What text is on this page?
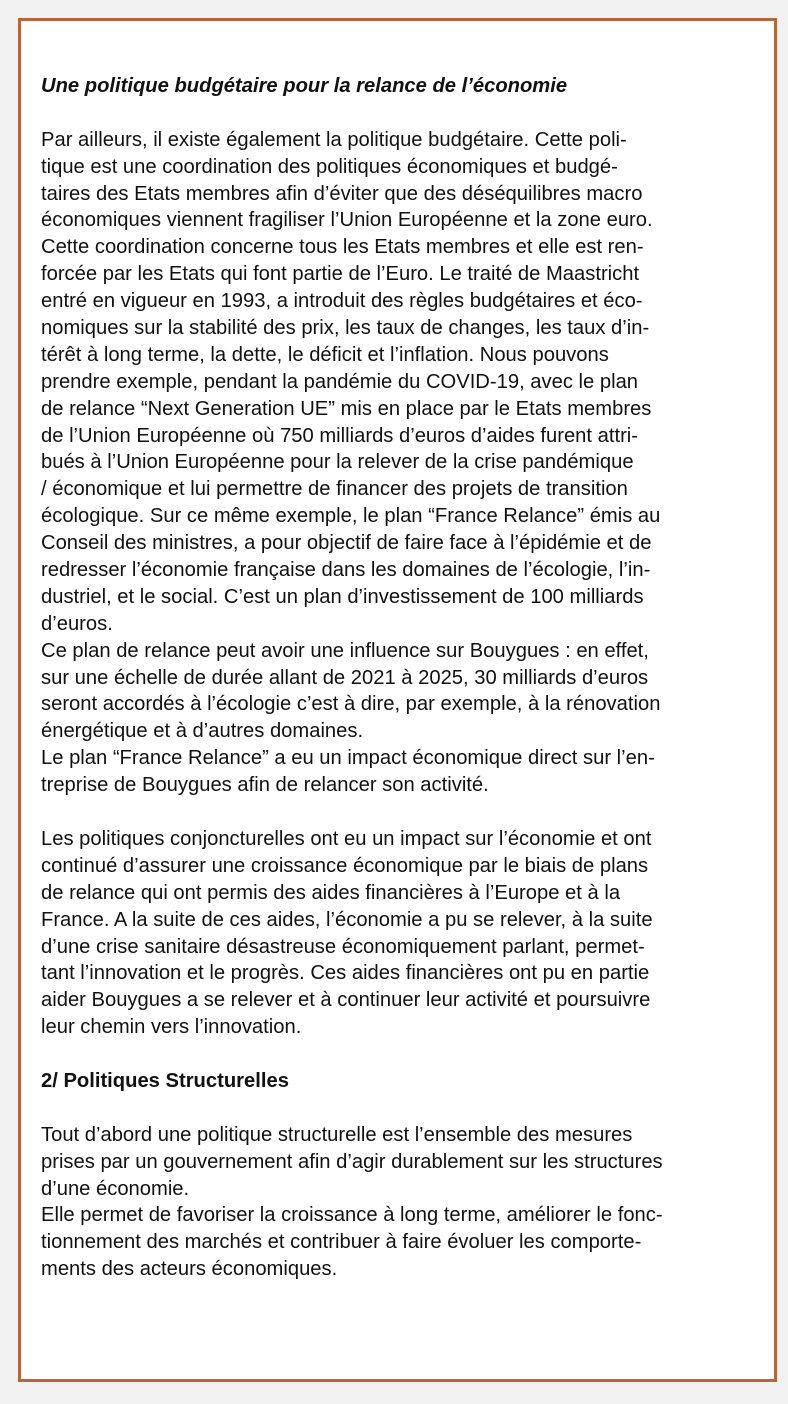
Une politique budgétaire pour la relance de l’économie
Par ailleurs, il existe également la politique budgétaire. Cette poli-
tique est une coordination des politiques économiques et budgé-
taires des Etats membres afin d’éviter que des déséquilibres macro
économiques viennent fragiliser l’Union Européenne et la zone euro.
Cette coordination concerne tous les Etats membres et elle est ren-
forcée par les Etats qui font partie de l’Euro. Le traité de Maastricht
entré en vigueur en 1993, a introduit des règles budgétaires et éco-
nomiques sur la stabilité des prix, les taux de changes, les taux d’in-
térêt à long terme, la dette, le déficit et l’inflation. Nous pouvons
prendre exemple, pendant la pandémie du COVID-19, avec le plan
de relance “Next Generation UE” mis en place par le Etats membres
de l’Union Européenne où 750 milliards d’euros d’aides furent attri-
bués à l’Union Européenne pour la relever de la crise pandémique
/ économique et lui permettre de financer des projets de transition
écologique. Sur ce même exemple, le plan “France Relance” émis au
Conseil des ministres, a pour objectif de faire face à l’épidémie et de
redresser l’économie française dans les domaines de l’écologie, l’in-
dustriel, et le social. C’est un plan d’investissement de 100 milliards
d’euros.
Ce plan de relance peut avoir une influence sur Bouygues : en effet,
sur une échelle de durée allant de 2021 à 2025, 30 milliards d’euros
seront accordés à l’écologie c’est à dire, par exemple, à la rénovation
énergétique et à d’autres domaines.
Le plan “France Relance” a eu un impact économique direct sur l’en-
treprise de Bouygues afin de relancer son activité.
Les politiques conjoncturelles ont eu un impact sur l’économie et ont
continué d’assurer une croissance économique par le biais de plans
de relance qui ont permis des aides financières à l’Europe et à la
France. A la suite de ces aides, l’économie a pu se relever, à la suite
d’une crise sanitaire désastreuse économiquement parlant, permet-
tant l’innovation et le progrès. Ces aides financières ont pu en partie
aider Bouygues a se relever et à continuer leur activité et poursuivre
leur chemin vers l’innovation.
2/ Politiques Structurelles
Tout d’abord une politique structurelle est l’ensemble des mesures
prises par un gouvernement afin d’agir durablement sur les structures
d’une économie.
Elle permet de favoriser la croissance à long terme, améliorer le fonc-
tionnement des marchés et contribuer à faire évoluer les comporte-
ments des acteurs économiques.
